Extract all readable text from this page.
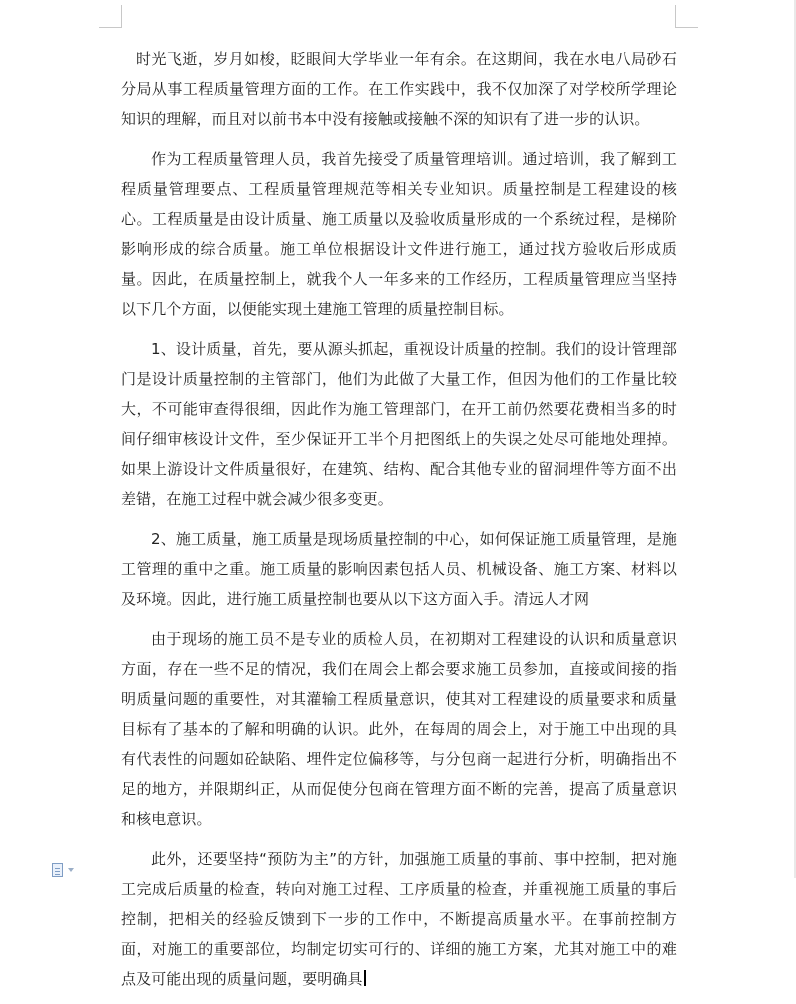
时光飞逝，岁月如梭，眨眼间大学毕业一年有余。在这期间，我在水电八局砂石分局从事工程质量管理方面的工作。在工作实践中，我不仅加深了对学校所学理论知识的理解，而且对以前书本中没有接触或接触不深的知识有了进一步的认识。

作为工程质量管理人员，我首先接受了质量管理培训。通过培训，我了解到工程质量管理要点、工程质量管理规范等相关专业知识。质量控制是工程建设的核心。工程质量是由设计质量、施工质量以及验收质量形成的一个系统过程，是梯阶影响形成的综合质量。施工单位根据设计文件进行施工，通过找方验收后形成质量。因此，在质量控制上，就我个人一年多来的工作经历，工程质量管理应当坚持以下几个方面，以便能实现土建施工管理的质量控制目标。

1、设计质量，首先，要从源头抓起，重视设计质量的控制。我们的设计管理部门是设计质量控制的主管部门，他们为此做了大量工作，但因为他们的工作量比较大，不可能审查得很细，因此作为施工管理部门，在开工前仍然要花费相当多的时间仔细审核设计文件，至少保证开工半个月把图纸上的失误之处尽可能地处理掉。如果上游设计文件质量很好，在建筑、结构、配合其他专业的留洞埋件等方面不出差错，在施工过程中就会减少很多变更。

2、施工质量，施工质量是现场质量控制的中心，如何保证施工质量管理，是施工管理的重中之重。施工质量的影响因素包括人员、机械设备、施工方案、材料以及环境。因此，进行施工质量控制也要从以下这方面入手。清远人才网

由于现场的施工员不是专业的质检人员，在初期对工程建设的认识和质量意识方面，存在一些不足的情况，我们在周会上都会要求施工员参加，直接或间接的指明质量问题的重要性，对其灌输工程质量意识，使其对工程建设的质量要求和质量目标有了基本的了解和明确的认识。此外，在每周的周会上，对于施工中出现的具有代表性的问题如砼缺陷、埋件定位偏移等，与分包商一起进行分析，明确指出不足的地方，并限期纠正，从而促使分包商在管理方面不断的完善，提高了质量意识和核电意识。

此外，还要坚持“预防为主”的方针，加强施工质量的事前、事中控制，把对施工完成后质量的检查，转向对施工过程、工序质量的检查，并重视施工质量的事后控制，把相关的经验反馈到下一步的工作中，不断提高质量水平。在事前控制方面，对施工的重要部位，均制定切实可行的、详细的施工方案，尤其对施工中的难点及可能出现的质量问题，要明确具
